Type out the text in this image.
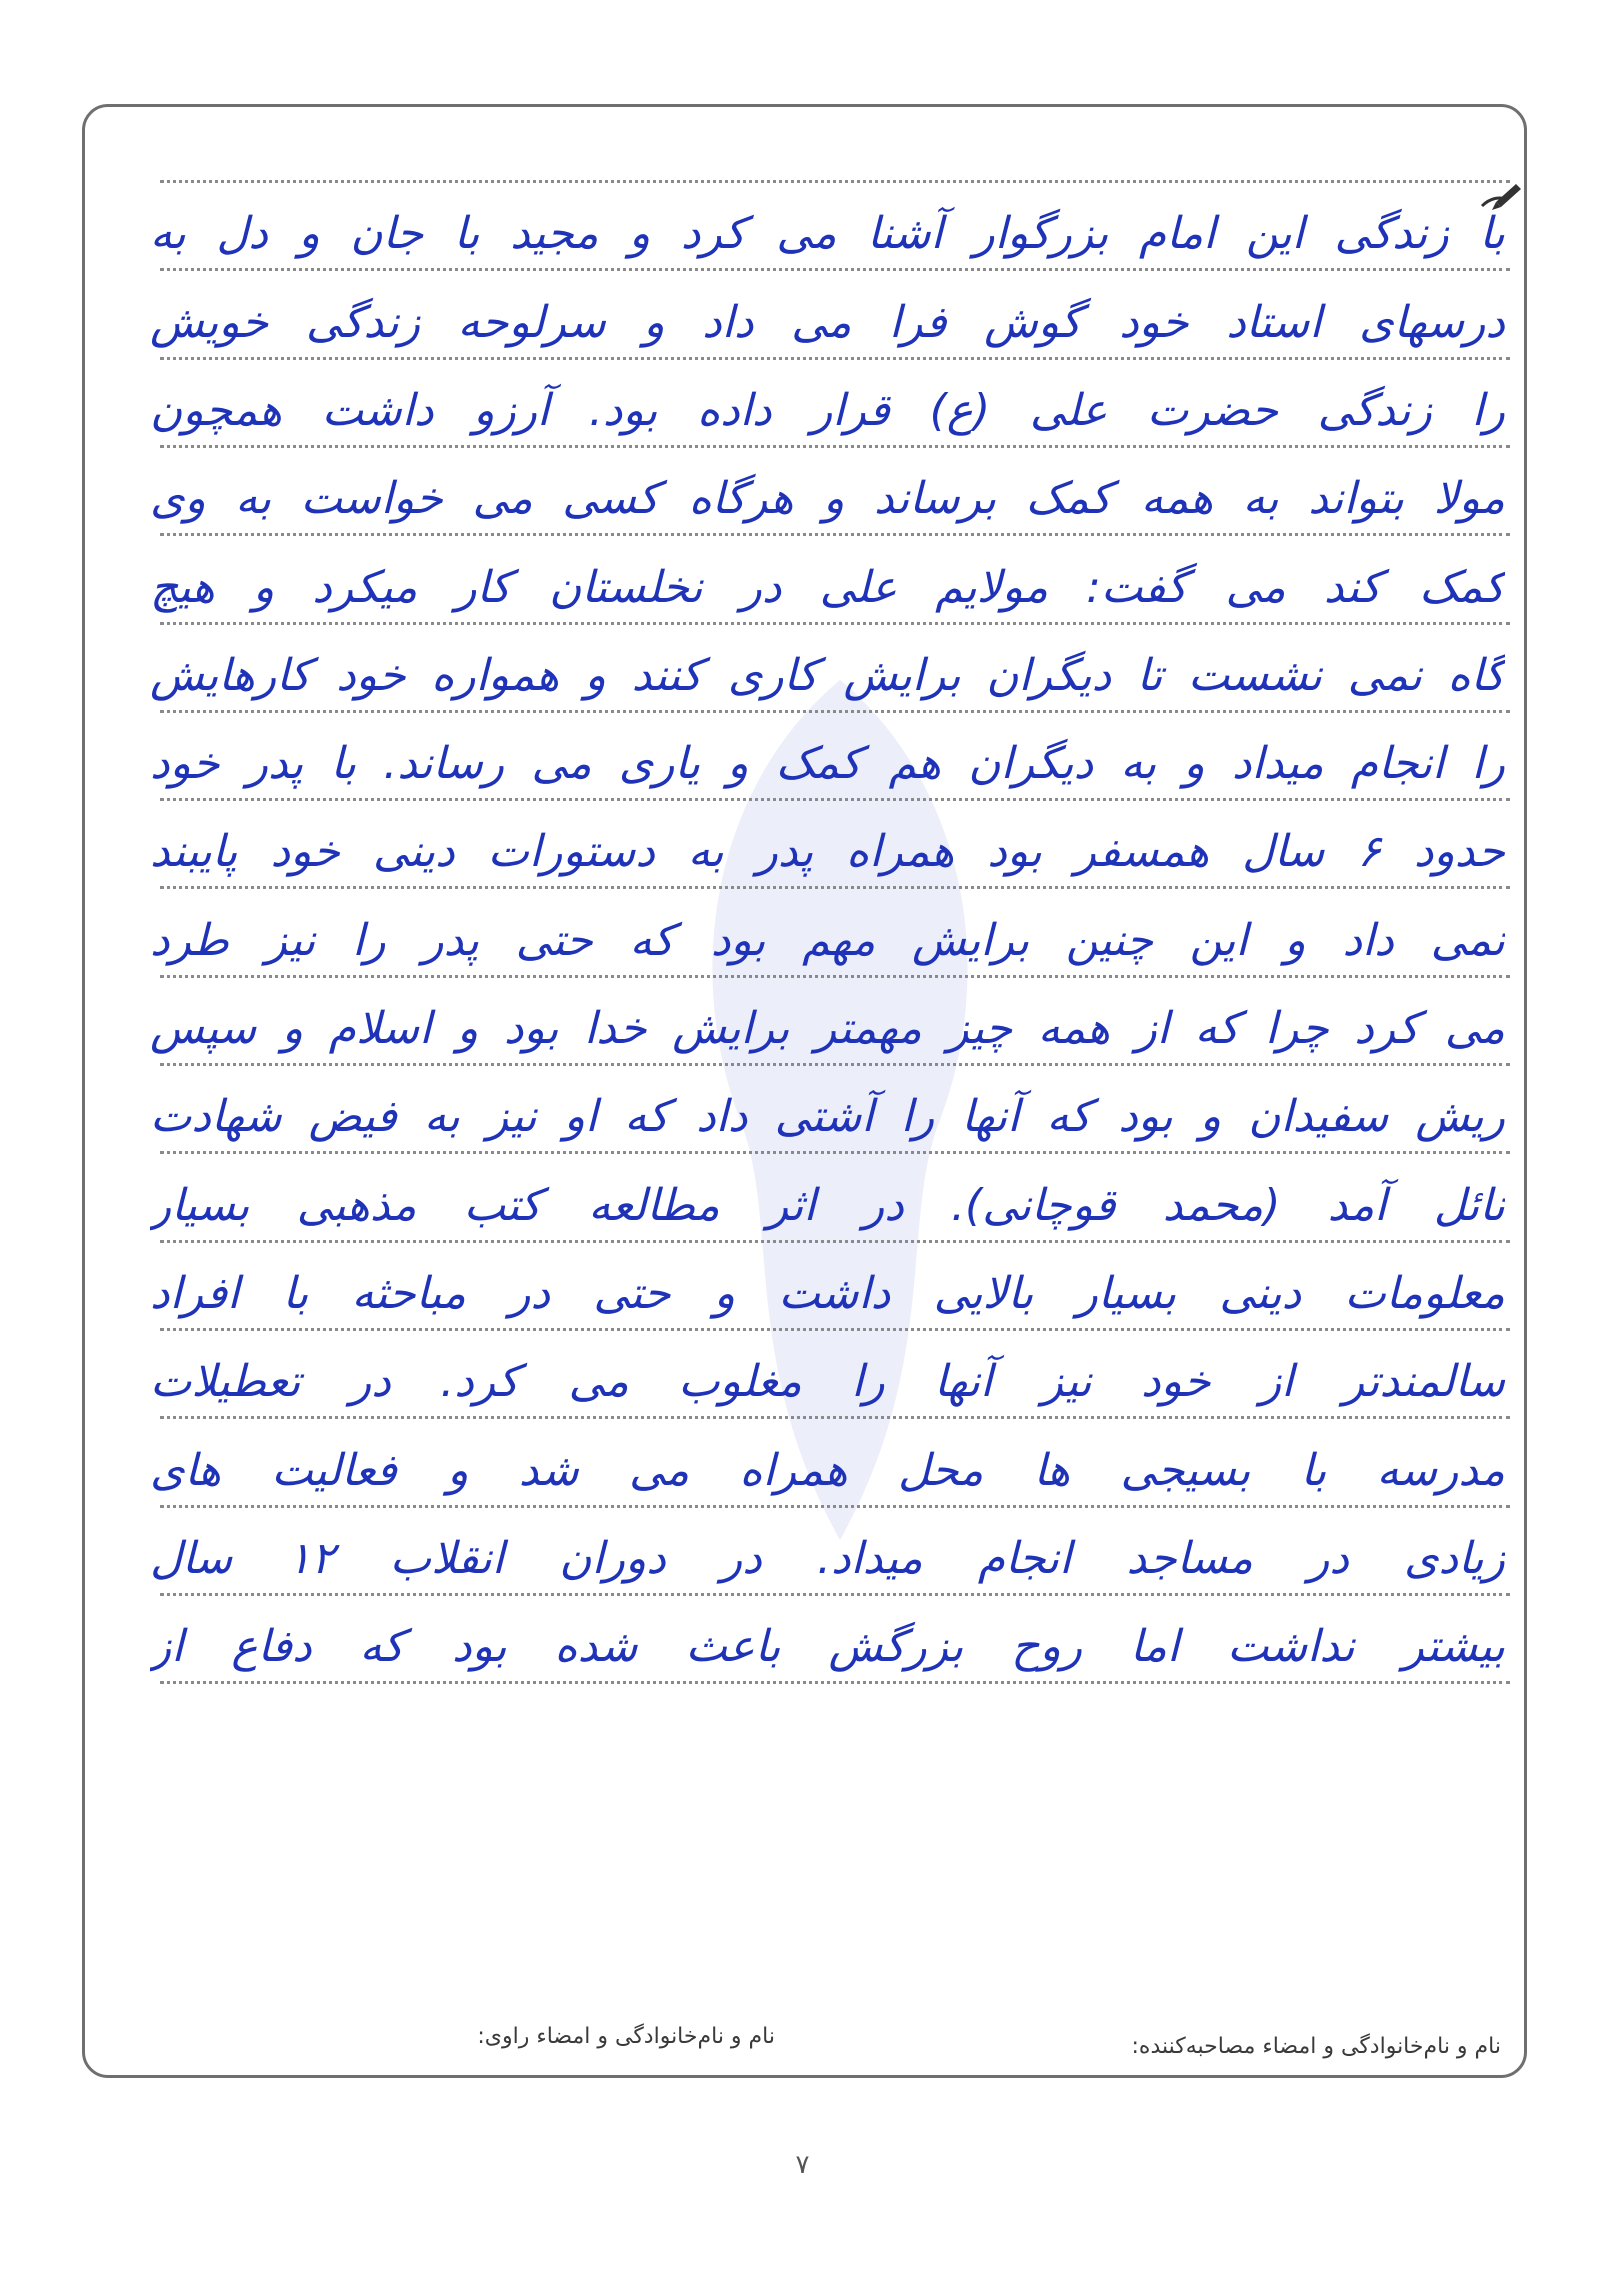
با زندگی این امام بزرگوار آشنا می کرد و مجید با جان و دل به
درسهای استاد خود گوش فرا می داد و سرلوحه زندگی خویش
را زندگی حضرت علی (ع) قرار داده بود. آرزو داشت همچون
مولا بتواند به همه کمک برساند و هرگاه کسی می خواست به وی
کمک کند می گفت: مولایم علی در نخلستان کار میکرد و هیچ
گاه نمی نشست تا دیگران برایش کاری کنند و همواره خود کارهایش
را انجام میداد و به دیگران هم کمک و یاری می رساند. با پدر خود
حدود ۶ سال همسفر بود همراه پدر به دستورات دینی خود پایبند
نمی داد و این چنین برایش مهم بود که حتی پدر را نیز طرد
می کرد چرا که از همه چیز مهمتر برایش خدا بود و اسلام و سپس
ریش سفیدان و بود که آنها را آشتی داد که او نیز به فیض شهادت
نائل آمد (محمد قوچانی). در اثر مطالعه کتب مذهبی بسیار
معلومات دینی بسیار بالایی داشت و حتی در مباحثه با افراد
سالمندتر از خود نیز آنها را مغلوب می کرد. در تعطیلات
مدرسه با بسیجی ها محل همراه می شد و فعالیت های
زیادی در مساجد انجام میداد. در دوران انقلاب ۱۲ سال
بیشتر نداشت اما روح بزرگش باعث شده بود که دفاع از
نام و نام‌خانوادگی و امضاء مصاحبه‌کننده:
نام و نام‌خانوادگی و امضاء راوی:
۷
